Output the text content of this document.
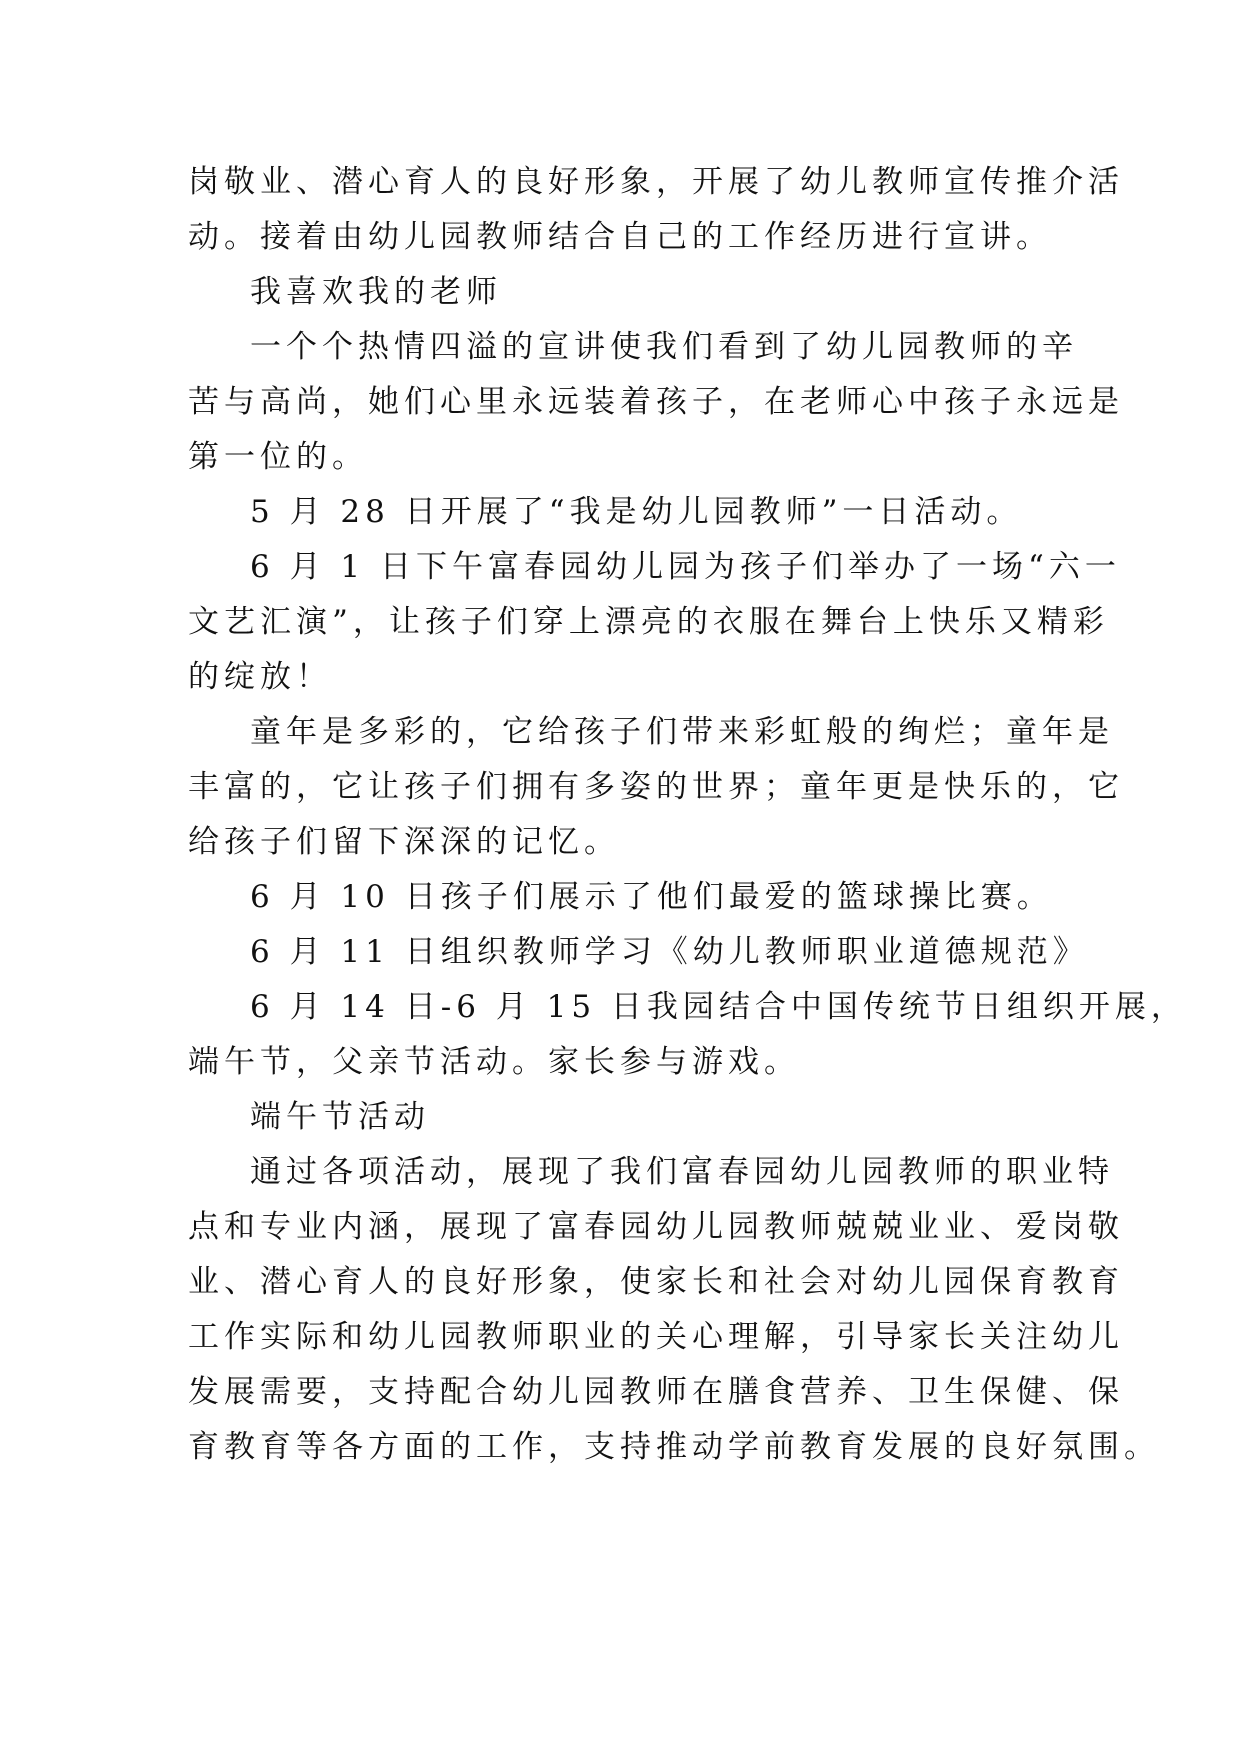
岗敬业、潜心育人的良好形象，开展了幼儿教师宣传推介活
动。接着由幼儿园教师结合自己的工作经历进行宣讲。
我喜欢我的老师
一个个热情四溢的宣讲使我们看到了幼儿园教师的辛
苦与高尚，她们心里永远装着孩子，在老师心中孩子永远是
第一位的。
5 月 28 日开展了“我是幼儿园教师”一日活动。
6 月 1 日下午富春园幼儿园为孩子们举办了一场“六一
文艺汇演”，让孩子们穿上漂亮的衣服在舞台上快乐又精彩
的绽放！
童年是多彩的，它给孩子们带来彩虹般的绚烂；童年是
丰富的，它让孩子们拥有多姿的世界；童年更是快乐的，它
给孩子们留下深深的记忆。
6 月 10 日孩子们展示了他们最爱的篮球操比赛。
6 月 11 日组织教师学习《幼儿教师职业道德规范》
6 月 14 日-6 月 15 日我园结合中国传统节日组织开展，
端午节，父亲节活动。家长参与游戏。
端午节活动
通过各项活动，展现了我们富春园幼儿园教师的职业特
点和专业内涵，展现了富春园幼儿园教师兢兢业业、爱岗敬
业、潜心育人的良好形象，使家长和社会对幼儿园保育教育
工作实际和幼儿园教师职业的关心理解，引导家长关注幼儿
发展需要，支持配合幼儿园教师在膳食营养、卫生保健、保
育教育等各方面的工作，支持推动学前教育发展的良好氛围。
